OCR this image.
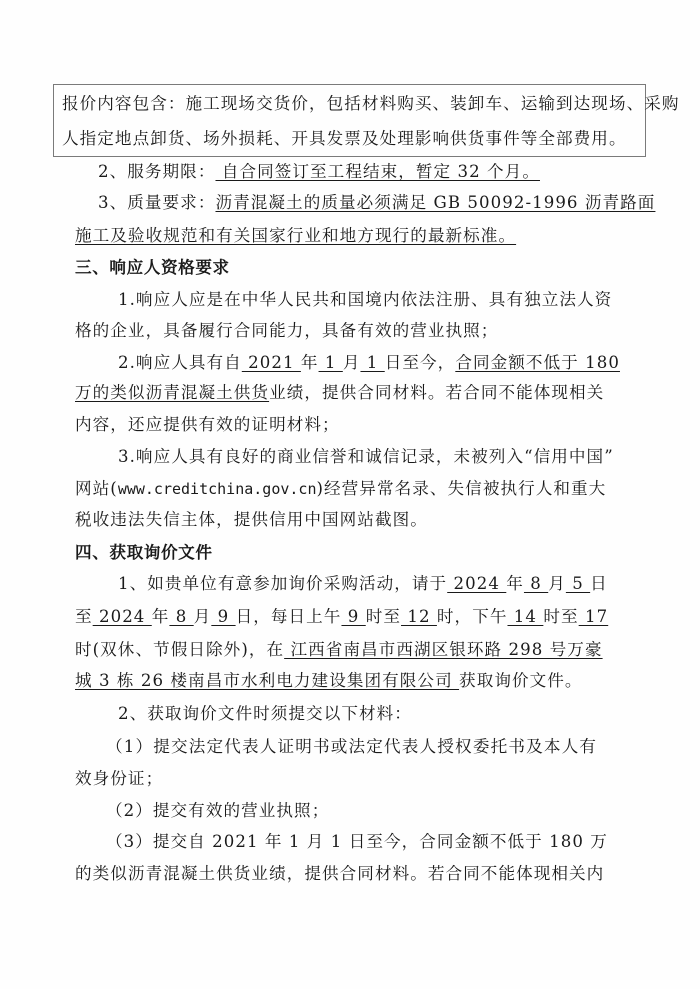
报价内容包含：施工现场交货价，包括材料购买、装卸车、运输到达现场、采购
人指定地点卸货、场外损耗、开具发票及处理影响供货事件等全部费用。
2、服务期限： 自合同签订至工程结束，暂定 32 个月。
3、质量要求：沥青混凝土的质量必须满足 GB 50092-1996 沥青路面
施工及验收规范和有关国家行业和地方现行的最新标准。
三、响应人资格要求
1.响应人应是在中华人民共和国境内依法注册、具有独立法人资
格的企业，具备履行合同能力，具备有效的营业执照；
2.响应人具有自 2021 年 1 月 1 日至今，合同金额不低于 180
万的类似沥青混凝土供货业绩，提供合同材料。若合同不能体现相关
内容，还应提供有效的证明材料；
3.响应人具有良好的商业信誉和诚信记录，未被列入“信用中国”
网站(www.creditchina.gov.cn)经营异常名录、失信被执行人和重大
税收违法失信主体，提供信用中国网站截图。
四、获取询价文件
1、如贵单位有意参加询价采购活动，请于 2024 年 8 月 5 日
至 2024 年 8 月 9 日，每日上午 9 时至 12 时，下午 14 时至 17
时(双休、节假日除外)，在 江西省南昌市西湖区银环路 298 号万豪
城 3 栋 26 楼南昌市水利电力建设集团有限公司 获取询价文件。
2、获取询价文件时须提交以下材料：
（1）提交法定代表人证明书或法定代表人授权委托书及本人有
效身份证；
（2）提交有效的营业执照；
（3）提交自 2021 年 1 月 1 日至今，合同金额不低于 180 万
的类似沥青混凝土供货业绩，提供合同材料。若合同不能体现相关内
